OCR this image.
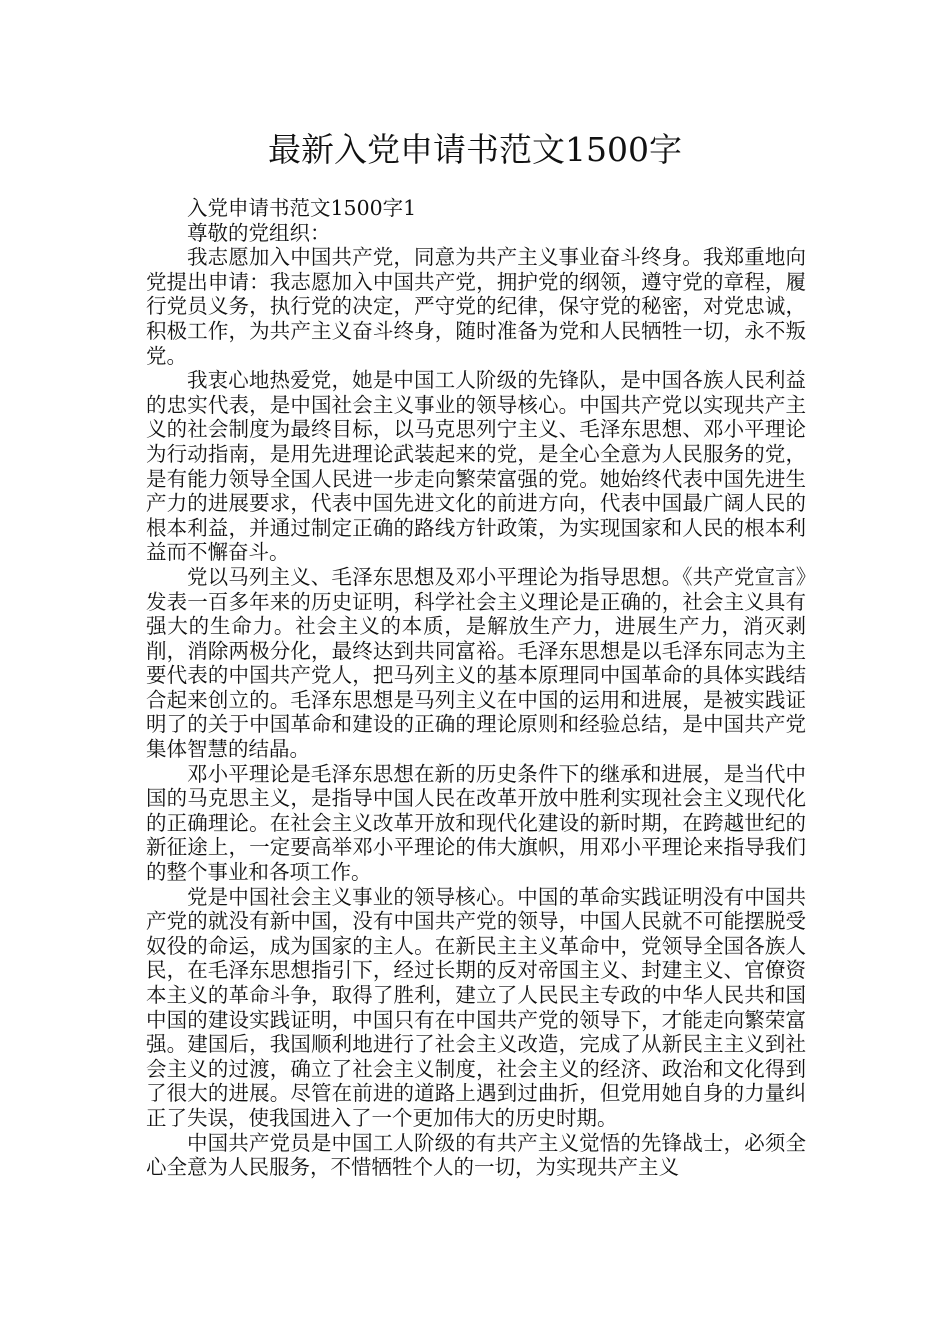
最新入党申请书范文1500字

入党申请书范文1500字1

尊敬的党组织：

我志愿加入中国共产党，同意为共产主义事业奋斗终身。我郑重地向党提出申请：我志愿加入中国共产党，拥护党的纲领，遵守党的章程，履行党员义务，执行党的决定，严守党的纪律，保守党的秘密，对党忠诚，积极工作，为共产主义奋斗终身，随时准备为党和人民牺牲一切，永不叛党。

我衷心地热爱党，她是中国工人阶级的先锋队，是中国各族人民利益的忠实代表，是中国社会主义事业的领导核心。中国共产党以实现共产主义的社会制度为最终目标，以马克思列宁主义、毛泽东思想、邓小平理论为行动指南，是用先进理论武装起来的党，是全心全意为人民服务的党，是有能力领导全国人民进一步走向繁荣富强的党。她始终代表中国先进生产力的进展要求，代表中国先进文化的前进方向，代表中国最广阔人民的根本利益，并通过制定正确的路线方针政策，为实现国家和人民的根本利益而不懈奋斗。

党以马列主义、毛泽东思想及邓小平理论为指导思想。《共产党宣言》发表一百多年来的历史证明，科学社会主义理论是正确的，社会主义具有强大的生命力。社会主义的本质，是解放生产力，进展生产力，消灭剥削，消除两极分化，最终达到共同富裕。毛泽东思想是以毛泽东同志为主要代表的中国共产党人，把马列主义的基本原理同中国革命的具体实践结合起来创立的。毛泽东思想是马列主义在中国的运用和进展，是被实践证明了的关于中国革命和建设的正确的理论原则和经验总结，是中国共产党集体智慧的结晶。

邓小平理论是毛泽东思想在新的历史条件下的继承和进展，是当代中国的马克思主义，是指导中国人民在改革开放中胜利实现社会主义现代化的正确理论。在社会主义改革开放和现代化建设的新时期，在跨越世纪的新征途上，一定要高举邓小平理论的伟大旗帜，用邓小平理论来指导我们的整个事业和各项工作。

党是中国社会主义事业的领导核心。中国的革命实践证明没有中国共产党的就没有新中国，没有中国共产党的领导，中国人民就不可能摆脱受奴役的命运，成为国家的主人。在新民主主义革命中，党领导全国各族人民，在毛泽东思想指引下，经过长期的反对帝国主义、封建主义、官僚资本主义的革命斗争，取得了胜利，建立了人民民主专政的中华人民共和国中国的建设实践证明，中国只有在中国共产党的领导下，才能走向繁荣富强。建国后，我国顺利地进行了社会主义改造，完成了从新民主主义到社会主义的过渡，确立了社会主义制度，社会主义的经济、政治和文化得到了很大的进展。尽管在前进的道路上遇到过曲折，但党用她自身的力量纠正了失误，使我国进入了一个更加伟大的历史时期。

中国共产党员是中国工人阶级的有共产主义觉悟的先锋战士，必须全心全意为人民服务，不惜牺牲个人的一切，为实现共产主义
